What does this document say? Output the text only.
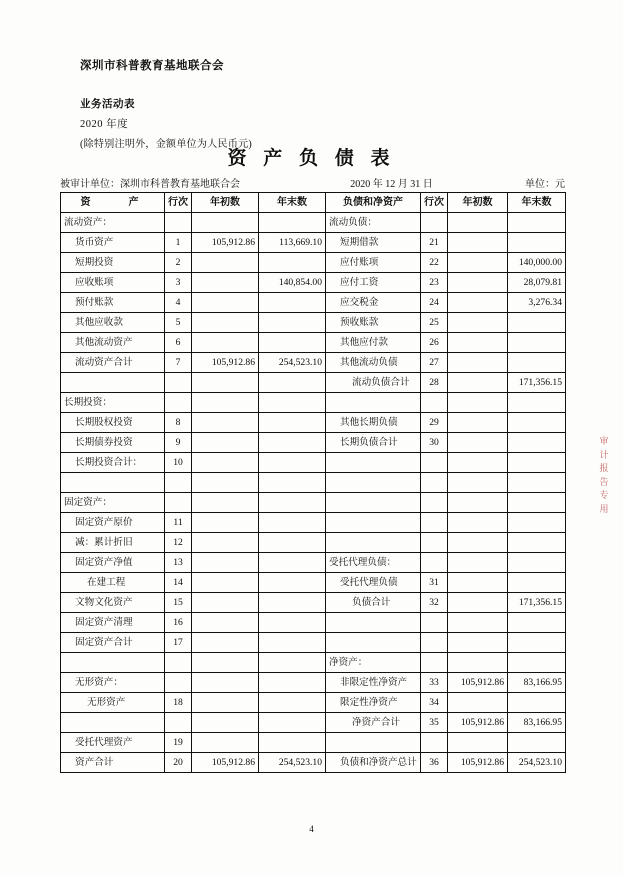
深圳市科普教育基地联合会
业务活动表
2020 年度
(除特别注明外，金额单位为人民币元)
资 产 负 债 表
被审计单位：深圳市科普教育基地联合会	2020 年 12 月 31 日	单位：元
资　　产	行次	年初数	年末数	负债和净资产	行次	年初数	年末数
流动资产：				流动负债：			
货币资产	1	105,912.86	113,669.10	短期借款	21		
短期投资	2			应付账项	22		140,000.00
应收账项	3		140,854.00	应付工资	23		28,079.81
预付账款	4			应交税金	24		3,276.34
其他应收款	5			预收账款	25		
其他流动资产	6			其他应付款	26		
流动资产合计	7	105,912.86	254,523.10	其他流动负债	27		
				流动负债合计	28		171,356.15
长期投资：							
长期股权投资	8			其他长期负债	29		
长期债券投资	9			长期负债合计	30		
长期投资合计：	10						

固定资产：							
固定资产原价	11						
减：累计折旧	12						
固定资产净值	13			受托代理负债：			
在建工程	14			受托代理负债	31		
文物文化资产	15			负债合计	32		171,356.15
固定资产清理	16						
固定资产合计	17						
				净资产：			
无形资产：				非限定性净资产	33	105,912.86	83,166.95
无形资产	18			限定性净资产	34		
				净资产合计	35	105,912.86	83,166.95
受托代理资产	19						
资产合计	20	105,912.86	254,523.10	负债和净资产总计	36	105,912.86	254,523.10
审
计
报
告
专
用
4
